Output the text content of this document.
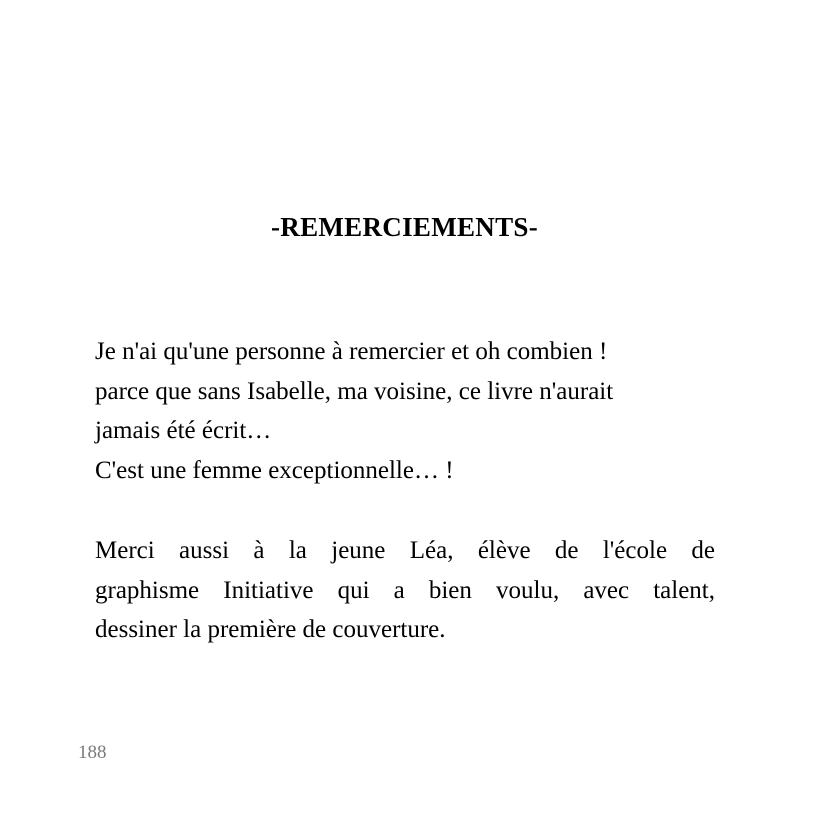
-REMERCIEMENTS-
Je n'ai qu'une personne à remercier et oh combien !
parce que sans Isabelle, ma voisine, ce livre n'aurait
jamais été écrit…
C'est une femme exceptionnelle… !
Merci aussi à la jeune Léa, élève de l'école de
graphisme Initiative qui a bien voulu, avec talent,
dessiner la première de couverture.
188
